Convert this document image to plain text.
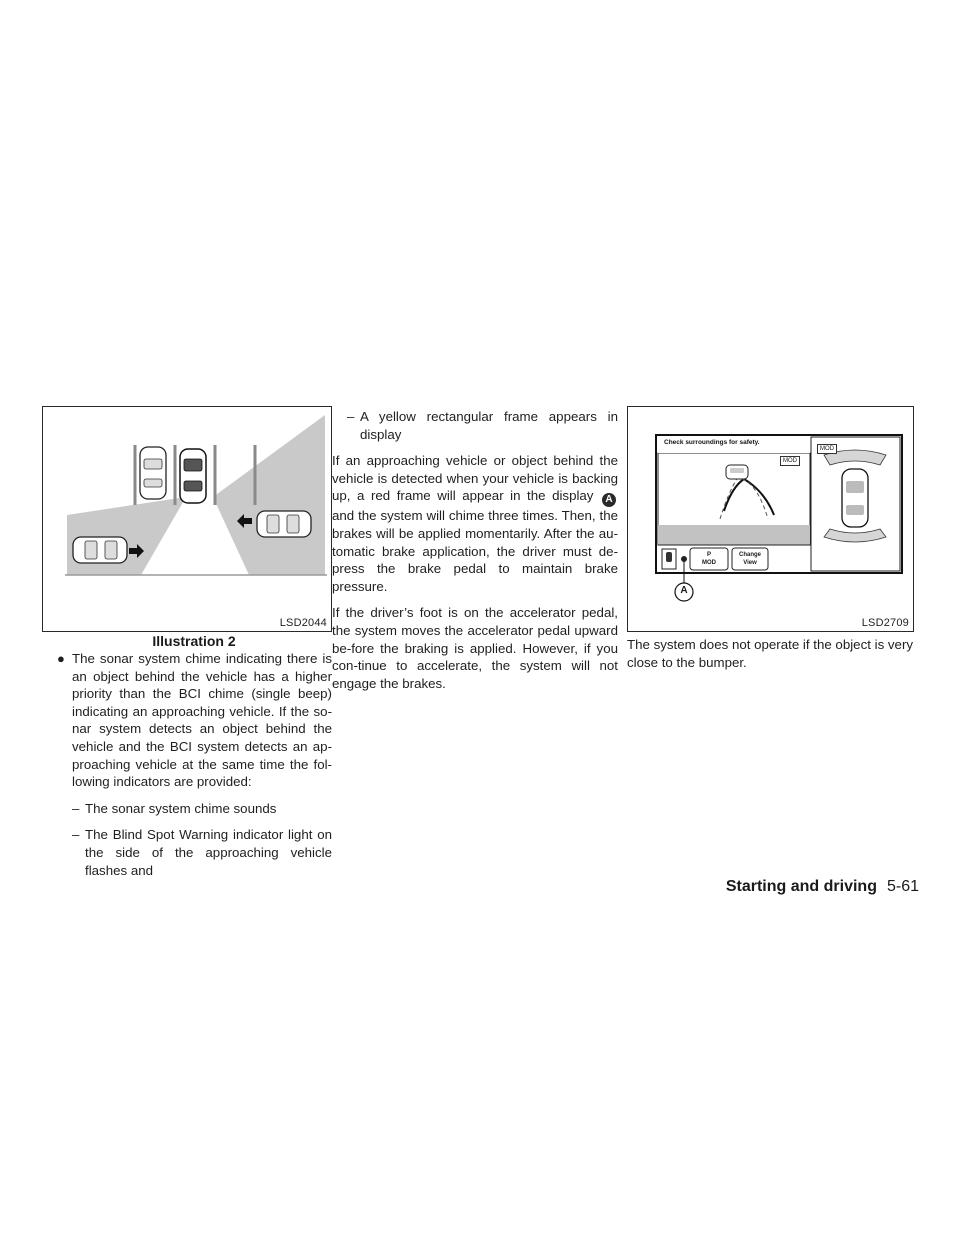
LSD2044
Illustration 2
● The sonar system chime indicating there is an object behind the vehicle has a higher priority than the BCI chime (single beep) indicating an approaching vehicle. If the so-nar system detects an object behind the vehicle and the BCI system detects an ap-proaching vehicle at the same time the fol-lowing indicators are provided:
– The sonar system chime sounds
– The Blind Spot Warning indicator light on the side of the approaching vehicle flashes and
– A yellow rectangular frame appears in display

If an approaching vehicle or object behind the vehicle is detected when your vehicle is backing up, a red frame will appear in the display A and the system will chime three times. Then, the brakes will be applied momentarily. After the au-tomatic brake application, the driver must de-press the brake pedal to maintain brake pressure.

If the driver’s foot is on the accelerator pedal, the system moves the accelerator pedal upward be-fore the braking is applied. However, if you con-tinue to accelerate, the system will not engage the brakes.

Check surroundings for safety.
MOD
MOD
P
MOD
Change
View
A
LSD2709

The system does not operate if the object is very close to the bumper.

Starting and driving 5-61
